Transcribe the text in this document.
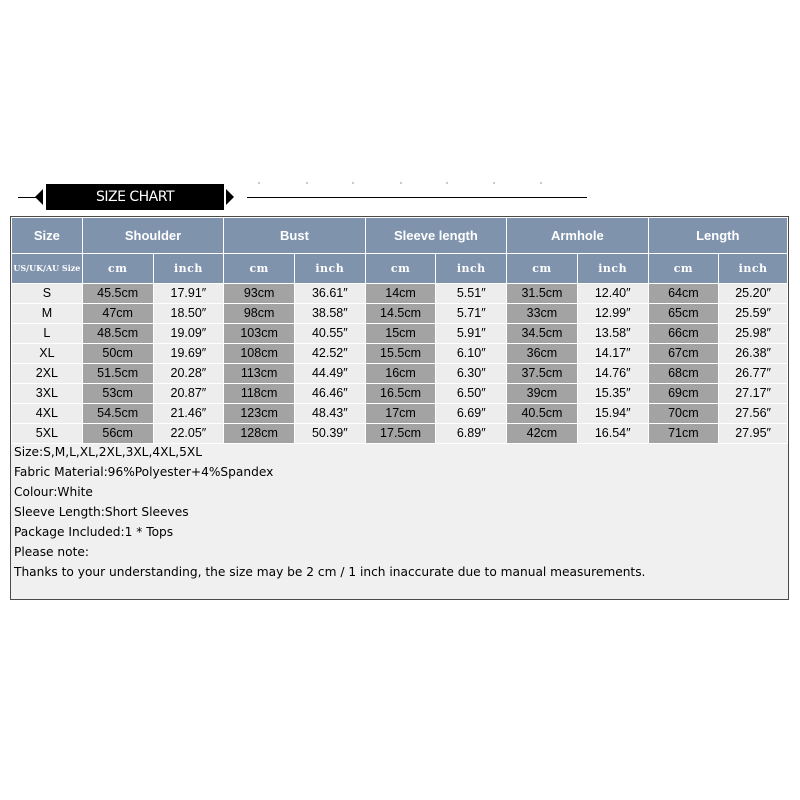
SIZE CHART
Size	Shoulder		Bust		Sleeve length		Armhole		Length	
US/UK/AU Size	cm	inch	cm	inch	cm	inch	cm	inch	cm	inch
S	45.5cm	17.91″	93cm	36.61″	14cm	5.51″	31.5cm	12.40″	64cm	25.20″
M	47cm	18.50″	98cm	38.58″	14.5cm	5.71″	33cm	12.99″	65cm	25.59″
L	48.5cm	19.09″	103cm	40.55″	15cm	5.91″	34.5cm	13.58″	66cm	25.98″
XL	50cm	19.69″	108cm	42.52″	15.5cm	6.10″	36cm	14.17″	67cm	26.38″
2XL	51.5cm	20.28″	113cm	44.49″	16cm	6.30″	37.5cm	14.76″	68cm	26.77″
3XL	53cm	20.87″	118cm	46.46″	16.5cm	6.50″	39cm	15.35″	69cm	27.17″
4XL	54.5cm	21.46″	123cm	48.43″	17cm	6.69″	40.5cm	15.94″	70cm	27.56″
5XL	56cm	22.05″	128cm	50.39″	17.5cm	6.89″	42cm	16.54″	71cm	27.95″
Size:S,M,L,XL,2XL,3XL,4XL,5XL
Fabric Material:96%Polyester+4%Spandex
Colour:White
Sleeve Length:Short Sleeves
Package Included:1 * Tops
Please note:
Thanks to your understanding, the size may be 2 cm / 1 inch inaccurate due to manual measurements.
